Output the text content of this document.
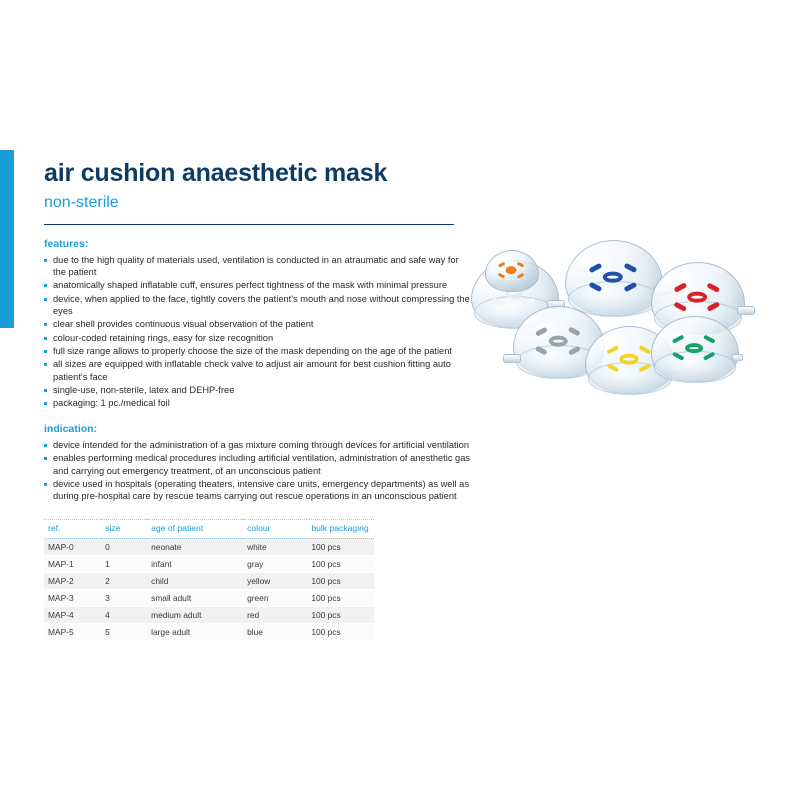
air cushion anaesthetic mask
non-sterile
features:
due to the high quality of materials used, ventilation is conducted in an atraumatic and safe way for the patient
anatomically shaped inflatable cuff, ensures perfect tightness of the mask with minimal pressure
device, when applied to the face, tightly covers the patient's mouth and nose without compressing the eyes
clear shell provides continuous visual observation of the patient
colour-coded retaining rings, easy for size recognition
full size range allows to properly choose the size of the mask depending on the age of the patient
all sizes are equipped with inflatable check valve to adjust air amount for best cushion fitting auto patient's face
single-use, non-sterile, latex and DEHP-free
packaging: 1 pc./medical foil
indication:
device intended for the administration of a gas mixture coming through devices for artificial ventilation
enables performing medical procedures including artificial ventilation, administration of anesthetic gas and carrying out emergency treatment, of an unconscious patient
device used in hospitals (operating theaters, intensive care units, emergency departments) as well as during pre-hospital care by rescue teams carrying out rescue operations in an unconscious patient
ref.	size	age of patient	colour	bulk packaging
MAP-0	0	neonate	white	100 pcs
MAP-1	1	infant	gray	100 pcs
MAP-2	2	child	yellow	100 pcs
MAP-3	3	small adult	green	100 pcs
MAP-4	4	medium adult	red	100 pcs
MAP-5	5	large adult	blue	100 pcs
